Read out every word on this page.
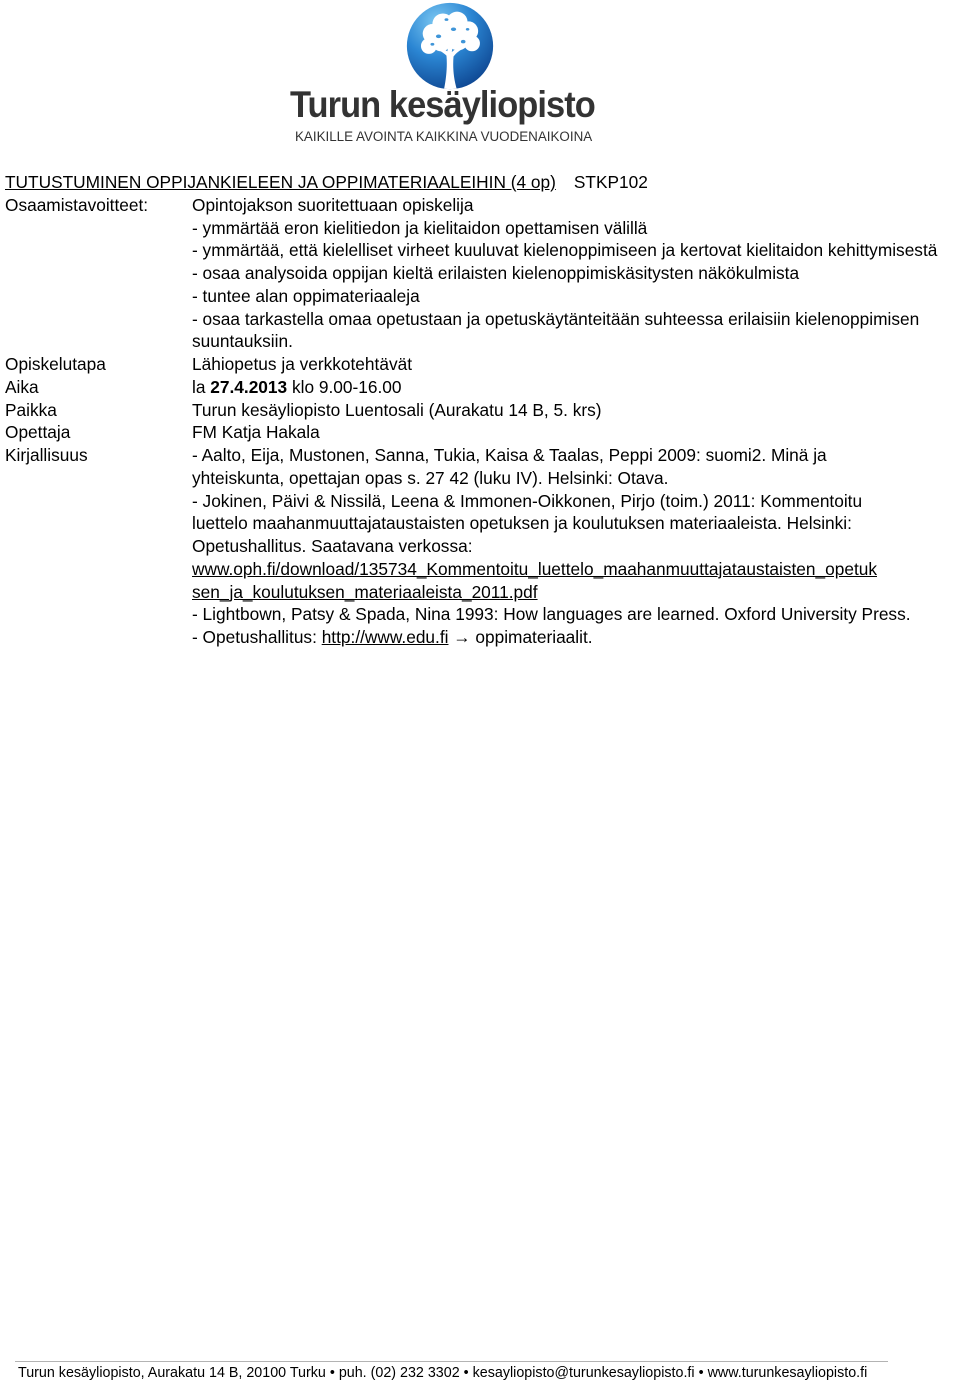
Turun kesäyliopisto
KAIKILLE AVOINTA KAIKKINA VUODENAIKOINA
TUTUSTUMINEN OPPIJANKIELEEN JA OPPIMATERIAALEIHIN (4 op) STKP102
Osaamistavoitteet:	Opintojakson suoritettuaan opiskelija
- ymmärtää eron kielitiedon ja kielitaidon opettamisen välillä
- ymmärtää, että kielelliset virheet kuuluvat kielenoppimiseen ja kertovat kielitaidon kehittymisestä
- osaa analysoida oppijan kieltä erilaisten kielenoppimiskäsitysten näkökulmista
- tuntee alan oppimateriaaleja
- osaa tarkastella omaa opetustaan ja opetuskäytänteitään suhteessa erilaisiin kielenoppimisen
suuntauksiin.
Opiskelutapa	Lähiopetus ja verkkotehtävät
Aika	la 27.4.2013 klo 9.00-16.00
Paikka	Turun kesäyliopisto Luentosali (Aurakatu 14 B, 5. krs)
Opettaja	FM Katja Hakala
Kirjallisuus	- Aalto, Eija, Mustonen, Sanna, Tukia, Kaisa & Taalas, Peppi 2009: suomi2. Minä ja
yhteiskunta, opettajan opas s. 27 42 (luku IV). Helsinki: Otava.
- Jokinen, Päivi & Nissilä, Leena & Immonen-Oikkonen, Pirjo (toim.) 2011: Kommentoitu
luettelo maahanmuuttajataustaisten opetuksen ja koulutuksen materiaaleista. Helsinki:
Opetushallitus. Saatavana verkossa:
www.oph.fi/download/135734_Kommentoitu_luettelo_maahanmuuttajataustaisten_opetuk
sen_ja_koulutuksen_materiaaleista_2011.pdf
- Lightbown, Patsy & Spada, Nina 1993: How languages are learned. Oxford University Press.
- Opetushallitus: http://www.edu.fi → oppimateriaalit.
Turun kesäyliopisto, Aurakatu 14 B, 20100 Turku • puh. (02) 232 3302 • kesayliopisto@turunkesayliopisto.fi • www.turunkesayliopisto.fi
